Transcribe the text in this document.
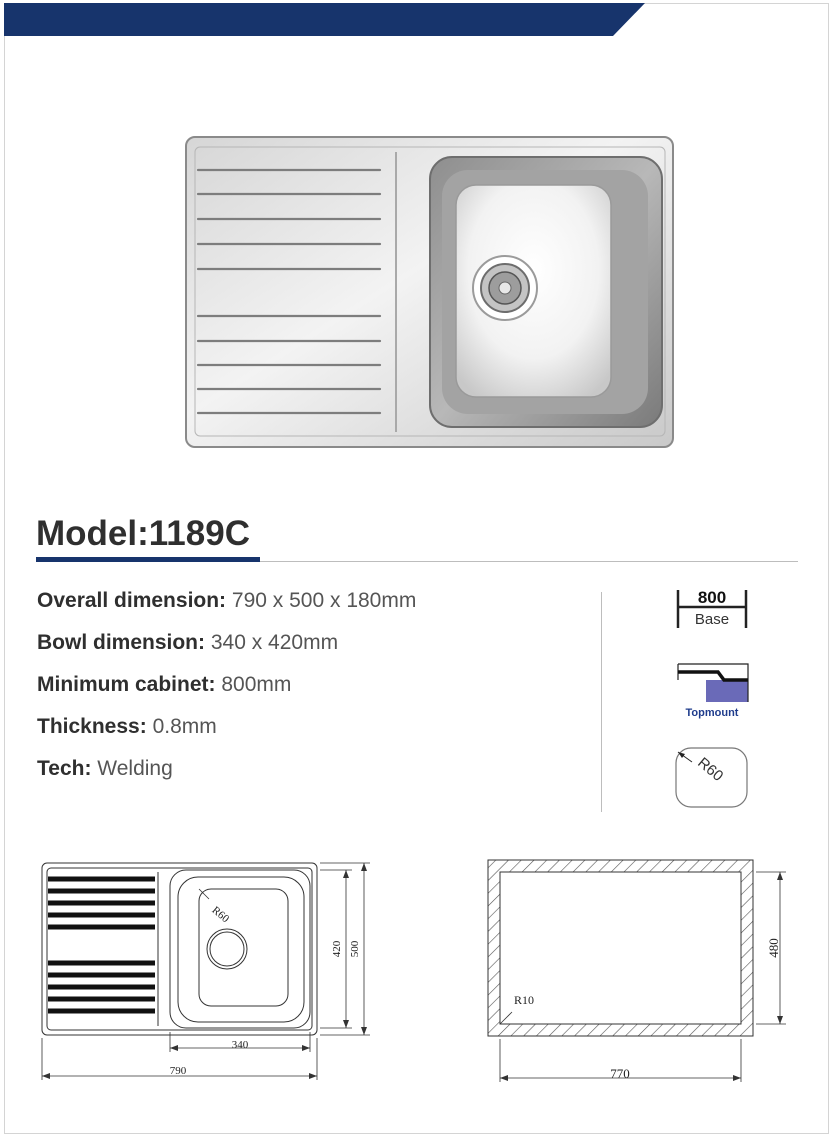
Model:1189C
Overall dimension: 790 x 500 x 180mm
Bowl dimension: 340 x 420mm
Minimum cabinet: 800mm
Thickness: 0.8mm
Tech: Welding
800
Base
Topmount
R60
R60
420 500
340
790
R10
480
770
